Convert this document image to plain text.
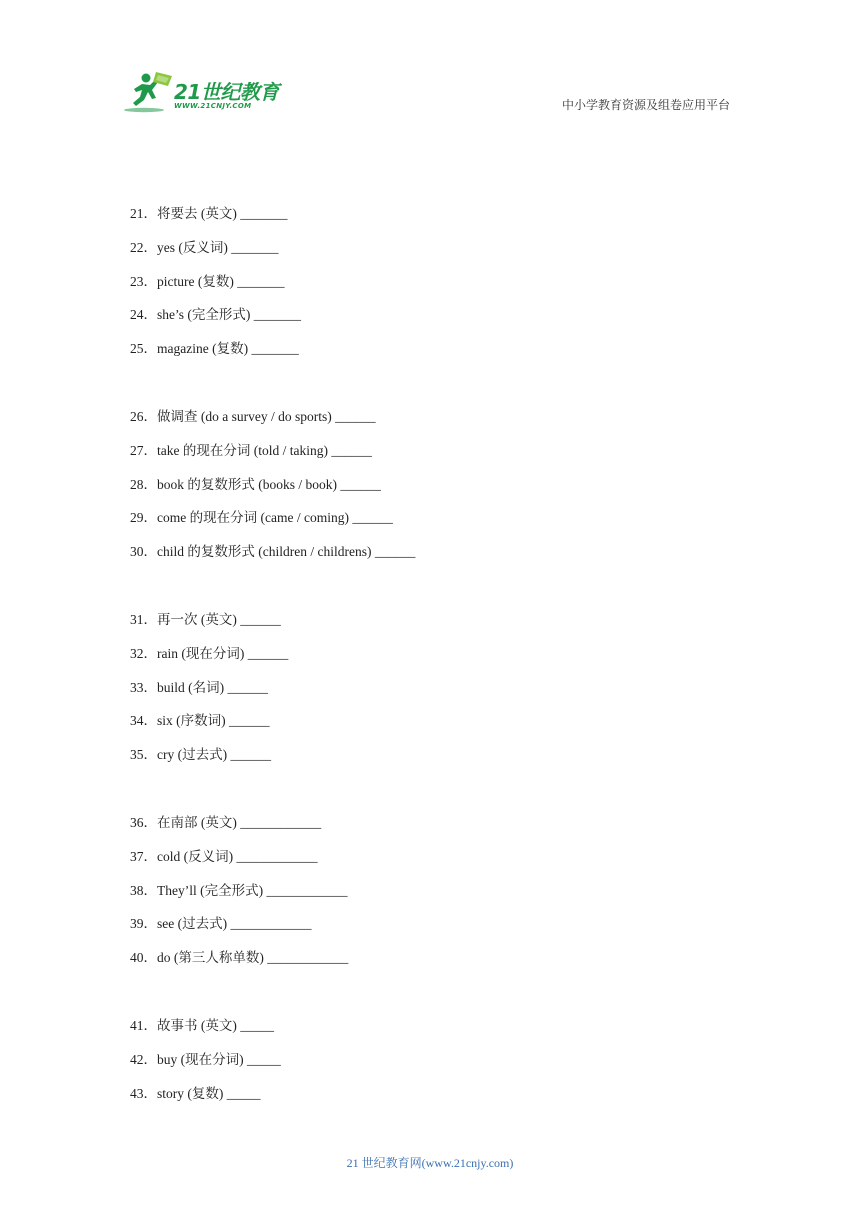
21世纪教育
WWW.21CNJY.COM	中小学教育资源及组卷应用平台
21．将要去 (英文) _______
22．yes (反义词) _______
23．picture (复数) _______
24．she’s (完全形式) _______
25．magazine (复数) _______
26．做调查 (do a survey / do sports) ______
27．take 的现在分词 (told / taking) ______
28．book 的复数形式 (books / book) ______
29．come 的现在分词 (came / coming) ______
30．child 的复数形式 (children / childrens) ______
31．再一次 (英文) ______
32．rain (现在分词) ______
33．build (名词) ______
34．six (序数词) ______
35．cry (过去式) ______
36．在南部 (英文) ____________
37．cold (反义词) ____________
38．They’ll (完全形式) ____________
39．see (过去式) ____________
40．do (第三人称单数) ____________
41．故事书 (英文) _____
42．buy (现在分词) _____
43．story (复数) _____
21 世纪教育网(www.21cnjy.com)
